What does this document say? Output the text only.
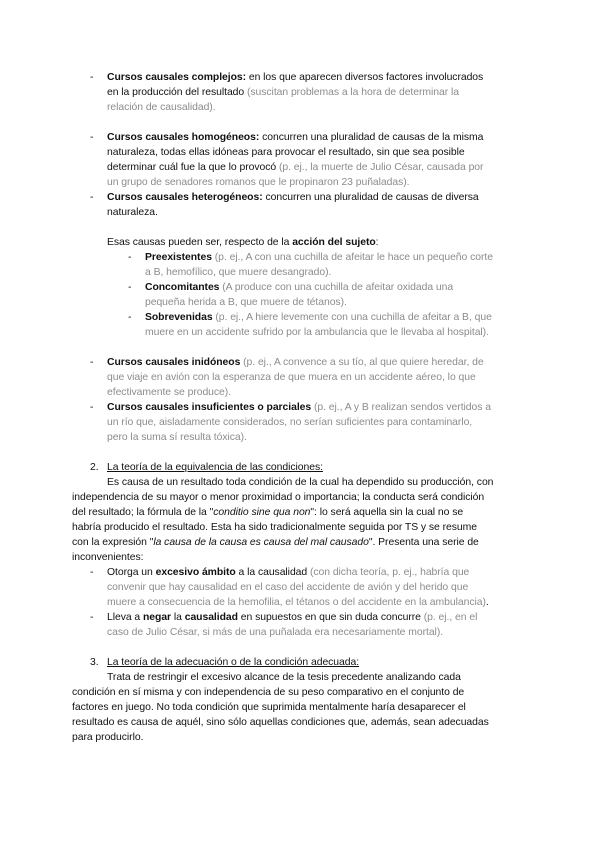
- Cursos causales complejos: en los que aparecen diversos factores involucrados
en la producción del resultado (suscitan problemas a la hora de determinar la
relación de causalidad).
- Cursos causales homogéneos: concurren una pluralidad de causas de la misma
naturaleza, todas ellas idóneas para provocar el resultado, sin que sea posible
determinar cuál fue la que lo provocó (p. ej., la muerte de Julio César, causada por
un grupo de senadores romanos que le propinaron 23 puñaladas).
- Cursos causales heterogéneos: concurren una pluralidad de causas de diversa
naturaleza.
Esas causas pueden ser, respecto de la acción del sujeto:
- Preexistentes (p. ej., A con una cuchilla de afeitar le hace un pequeño corte
a B, hemofílico, que muere desangrado).
- Concomitantes (A produce con una cuchilla de afeitar oxidada una
pequeña herida a B, que muere de tétanos).
- Sobrevenidas (p. ej., A hiere levemente con una cuchilla de afeitar a B, que
muere en un accidente sufrido por la ambulancia que le llevaba al hospital).
- Cursos causales inidóneos (p. ej., A convence a su tío, al que quiere heredar, de
que viaje en avión con la esperanza de que muera en un accidente aéreo, lo que
efectivamente se produce).
- Cursos causales insuficientes o parciales (p. ej., A y B realizan sendos vertidos a
un río que, aisladamente considerados, no serían suficientes para contaminarlo,
pero la suma sí resulta tóxica).
2. La teoría de la equivalencia de las condiciones:
Es causa de un resultado toda condición de la cual ha dependido su producción, con
independencia de su mayor o menor proximidad o importancia; la conducta será condición
del resultado; la fórmula de la "conditio sine qua non": lo será aquella sin la cual no se
habría producido el resultado. Esta ha sido tradicionalmente seguida por TS y se resume
con la expresión "la causa de la causa es causa del mal causado". Presenta una serie de
inconvenientes:
- Otorga un excesivo ámbito a la causalidad (con dicha teoría, p. ej., habría que
convenir que hay causalidad en el caso del accidente de avión y del herido que
muere a consecuencia de la hemofilia, el tétanos o del accidente en la ambulancia).
- Lleva a negar la causalidad en supuestos en que sin duda concurre (p. ej., en el
caso de Julio César, si más de una puñalada era necesariamente mortal).
3. La teoría de la adecuación o de la condición adecuada:
Trata de restringir el excesivo alcance de la tesis precedente analizando cada
condición en sí misma y con independencia de su peso comparativo en el conjunto de
factores en juego. No toda condición que suprimida mentalmente haría desaparecer el
resultado es causa de aquél, sino sólo aquellas condiciones que, además, sean adecuadas
para producirlo.
